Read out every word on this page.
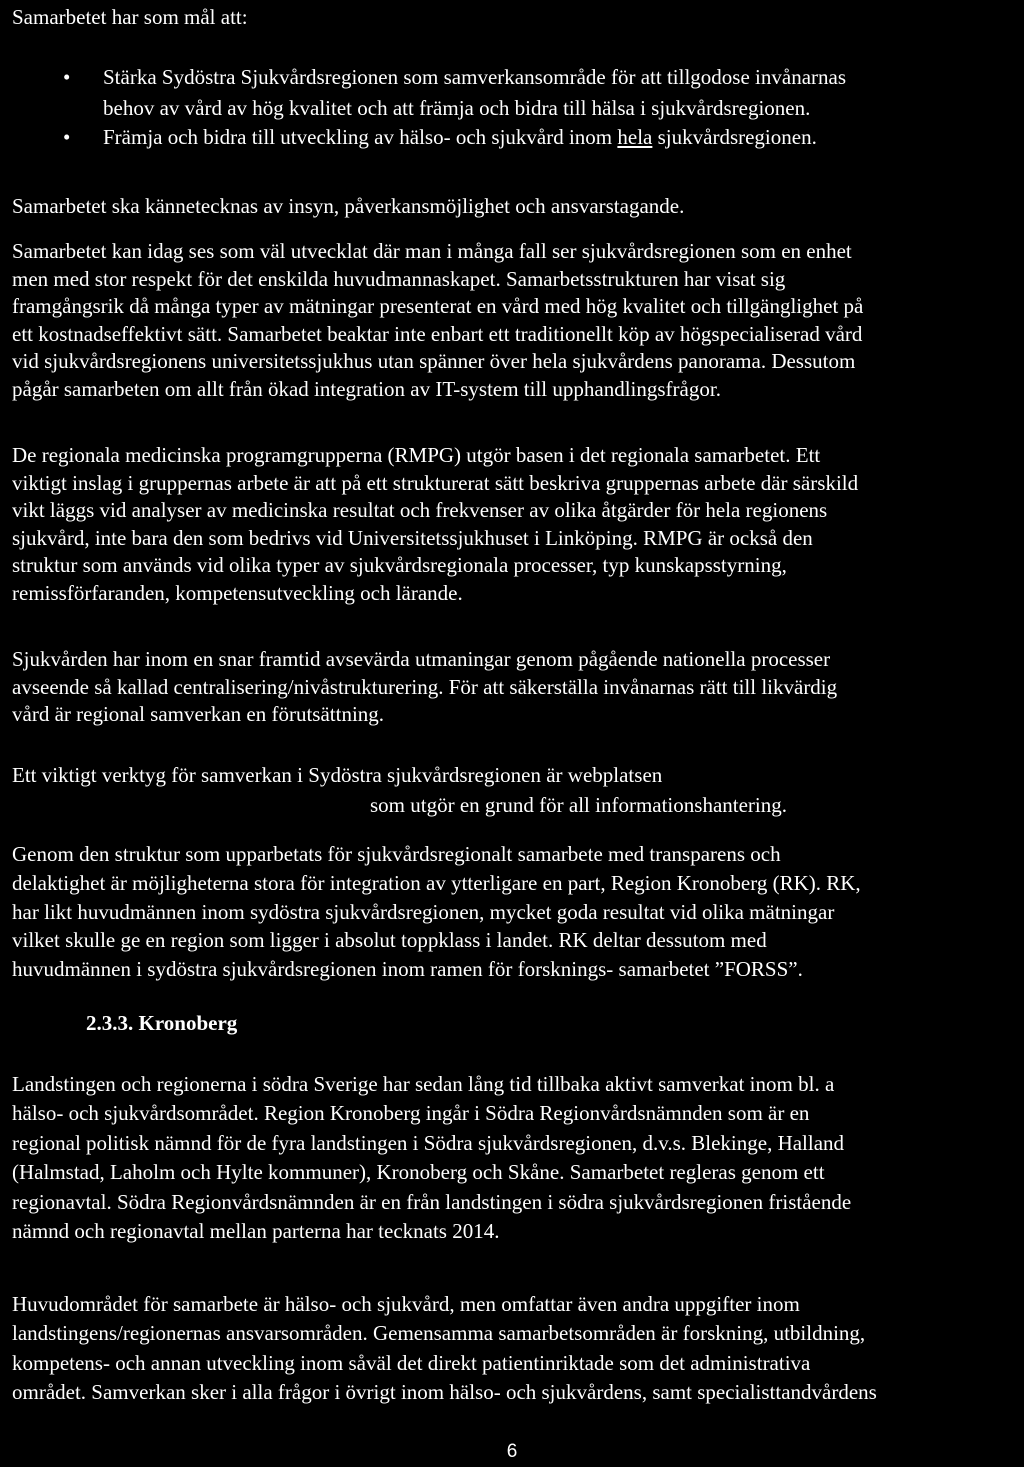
Samarbetet har som mål att:
• Stärka Sydöstra Sjukvårdsregionen som samverkansområde för att tillgodose invånarnas
behov av vård av hög kvalitet och att främja och bidra till hälsa i sjukvårdsregionen.
• Främja och bidra till utveckling av hälso- och sjukvård inom hela sjukvårdsregionen.
Samarbetet ska kännetecknas av insyn, påverkansmöjlighet och ansvarstagande.
Samarbetet kan idag ses som väl utvecklat där man i många fall ser sjukvårdsregionen som en enhet
men med stor respekt för det enskilda huvudmannaskapet. Samarbetsstrukturen har visat sig
framgångsrik då många typer av mätningar presenterat en vård med hög kvalitet och tillgänglighet på
ett kostnadseffektivt sätt. Samarbetet beaktar inte enbart ett traditionellt köp av högspecialiserad vård
vid sjukvårdsregionens universitetssjukhus utan spänner över hela sjukvårdens panorama. Dessutom
pågår samarbeten om allt från ökad integration av IT-system till upphandlingsfrågor.
De regionala medicinska programgrupperna (RMPG) utgör basen i det regionala samarbetet. Ett
viktigt inslag i gruppernas arbete är att på ett strukturerat sätt beskriva gruppernas arbete där särskild
vikt läggs vid analyser av medicinska resultat och frekvenser av olika åtgärder för hela regionens
sjukvård, inte bara den som bedrivs vid Universitetssjukhuset i Linköping. RMPG är också den
struktur som används vid olika typer av sjukvårdsregionala processer, typ kunskapsstyrning,
remissförfaranden, kompetensutveckling och lärande.
Sjukvården har inom en snar framtid avsevärda utmaningar genom pågående nationella processer
avseende så kallad centralisering/nivåstrukturering. För att säkerställa invånarnas rätt till likvärdig
vård är regional samverkan en förutsättning.
Ett viktigt verktyg för samverkan i Sydöstra sjukvårdsregionen är webplatsen
som utgör en grund för all informationshantering.
Genom den struktur som upparbetats för sjukvårdsregionalt samarbete med transparens och
delaktighet är möjligheterna stora för integration av ytterligare en part, Region Kronoberg (RK). RK,
har likt huvudmännen inom sydöstra sjukvårdsregionen, mycket goda resultat vid olika mätningar
vilket skulle ge en region som ligger i absolut toppklass i landet. RK deltar dessutom med
huvudmännen i sydöstra sjukvårdsregionen inom ramen för forsknings- samarbetet ”FORSS”.
2.3.3. Kronoberg
Landstingen och regionerna i södra Sverige har sedan lång tid tillbaka aktivt samverkat inom bl. a
hälso- och sjukvårdsområdet. Region Kronoberg ingår i Södra Regionvårdsnämnden som är en
regional politisk nämnd för de fyra landstingen i Södra sjukvårdsregionen, d.v.s. Blekinge, Halland
(Halmstad, Laholm och Hylte kommuner), Kronoberg och Skåne. Samarbetet regleras genom ett
regionavtal. Södra Regionvårdsnämnden är en från landstingen i södra sjukvårdsregionen fristående
nämnd och regionavtal mellan parterna har tecknats 2014.
Huvudområdet för samarbete är hälso- och sjukvård, men omfattar även andra uppgifter inom
landstingens/regionernas ansvarsområden. Gemensamma samarbetsområden är forskning, utbildning,
kompetens- och annan utveckling inom såväl det direkt patientinriktade som det administrativa
området. Samverkan sker i alla frågor i övrigt inom hälso- och sjukvårdens, samt specialisttandvårdens
6
